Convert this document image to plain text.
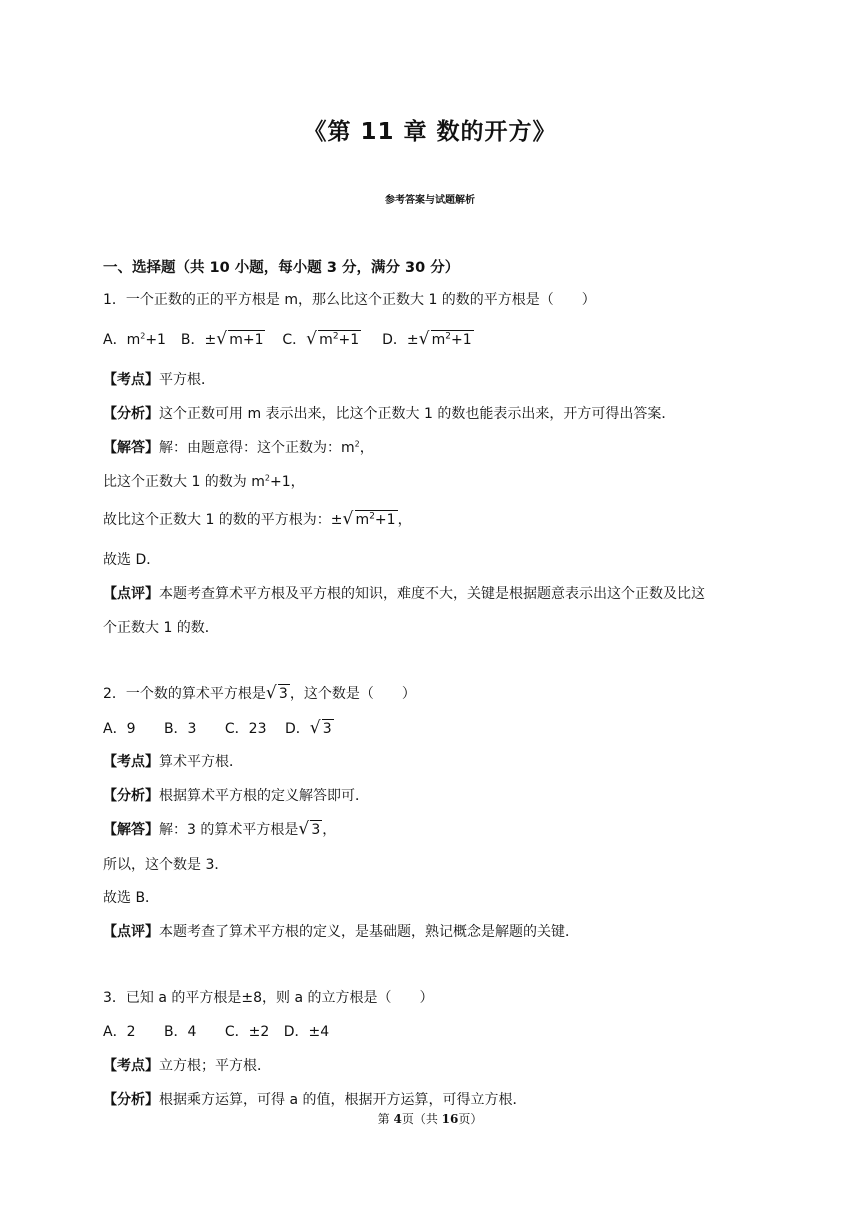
《第 11 章 数的开方》
参考答案与试题解析
一、选择题（共 10 小题，每小题 3 分，满分 30 分）
1．一个正数的正的平方根是 m，那么比这个正数大 1 的数的平方根是（　　）
A．$m^2+1$ B．± √ m+1 C． √ $m^2+1$ D．± √ $m^2+1$
【考点】平方根．
【分析】这个正数可用 m 表示出来，比这个正数大 1 的数也能表示出来，开方可得出答案．
【解答】解：由题意得：这个正数为：$m^2$，
比这个正数大 1 的数为 $m^2+1$，
故比这个正数大 1 的数的平方根为：± √ $m^2+1$ ，
故选 D．
【点评】本题考查算术平方根及平方根的知识，难度不大，关键是根据题意表示出这个正数及比这
个正数大 1 的数．
2．一个数的算术平方根是 √ 3 ，这个数是（　　）
A．9 B．3 C．23 D． √ 3
【考点】算术平方根．
【分析】根据算术平方根的定义解答即可．
【解答】解：3 的算术平方根是 √ 3 ，
所以，这个数是 3．
故选 B．
【点评】本题考查了算术平方根的定义，是基础题，熟记概念是解题的关键．
3．已知 a 的平方根是±8，则 a 的立方根是（　　）
A．2 B．4 C．±2 D．±4
【考点】立方根；平方根．
【分析】根据乘方运算，可得 a 的值，根据开方运算，可得立方根．
第 4页（共 16页）
